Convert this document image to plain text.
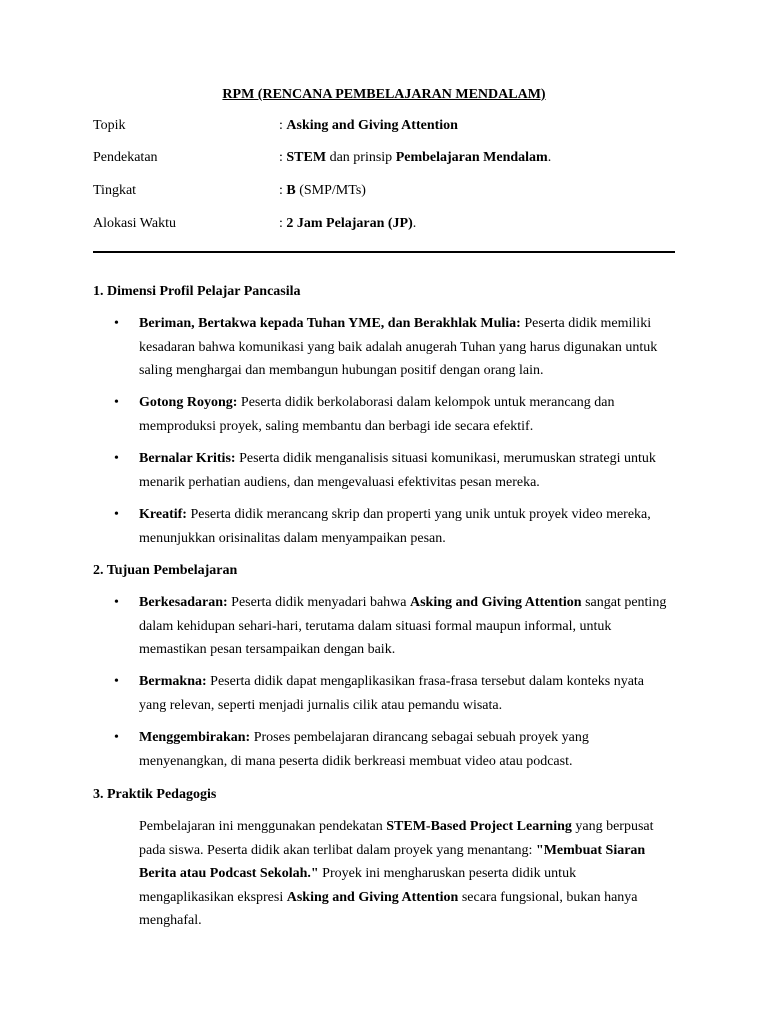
RPM (RENCANA PEMBELAJARAN MENDALAM)
Topik	: Asking and Giving Attention
Pendekatan	: STEM dan prinsip Pembelajaran Mendalam.
Tingkat	: B (SMP/MTs)
Alokasi Waktu	: 2 Jam Pelajaran (JP).
1. Dimensi Profil Pelajar Pancasila
• Beriman, Bertakwa kepada Tuhan YME, dan Berakhlak Mulia: Peserta didik memiliki
kesadaran bahwa komunikasi yang baik adalah anugerah Tuhan yang harus digunakan untuk
saling menghargai dan membangun hubungan positif dengan orang lain.
• Gotong Royong: Peserta didik berkolaborasi dalam kelompok untuk merancang dan
memproduksi proyek, saling membantu dan berbagi ide secara efektif.
• Bernalar Kritis: Peserta didik menganalisis situasi komunikasi, merumuskan strategi untuk
menarik perhatian audiens, dan mengevaluasi efektivitas pesan mereka.
• Kreatif: Peserta didik merancang skrip dan properti yang unik untuk proyek video mereka,
menunjukkan orisinalitas dalam menyampaikan pesan.
2. Tujuan Pembelajaran
• Berkesadaran: Peserta didik menyadari bahwa Asking and Giving Attention sangat penting
dalam kehidupan sehari-hari, terutama dalam situasi formal maupun informal, untuk
memastikan pesan tersampaikan dengan baik.
• Bermakna: Peserta didik dapat mengaplikasikan frasa-frasa tersebut dalam konteks nyata
yang relevan, seperti menjadi jurnalis cilik atau pemandu wisata.
• Menggembirakan: Proses pembelajaran dirancang sebagai sebuah proyek yang
menyenangkan, di mana peserta didik berkreasi membuat video atau podcast.
3. Praktik Pedagogis
Pembelajaran ini menggunakan pendekatan STEM-Based Project Learning yang berpusat
pada siswa. Peserta didik akan terlibat dalam proyek yang menantang: "Membuat Siaran
Berita atau Podcast Sekolah." Proyek ini mengharuskan peserta didik untuk
mengaplikasikan ekspresi Asking and Giving Attention secara fungsional, bukan hanya
menghafal.
